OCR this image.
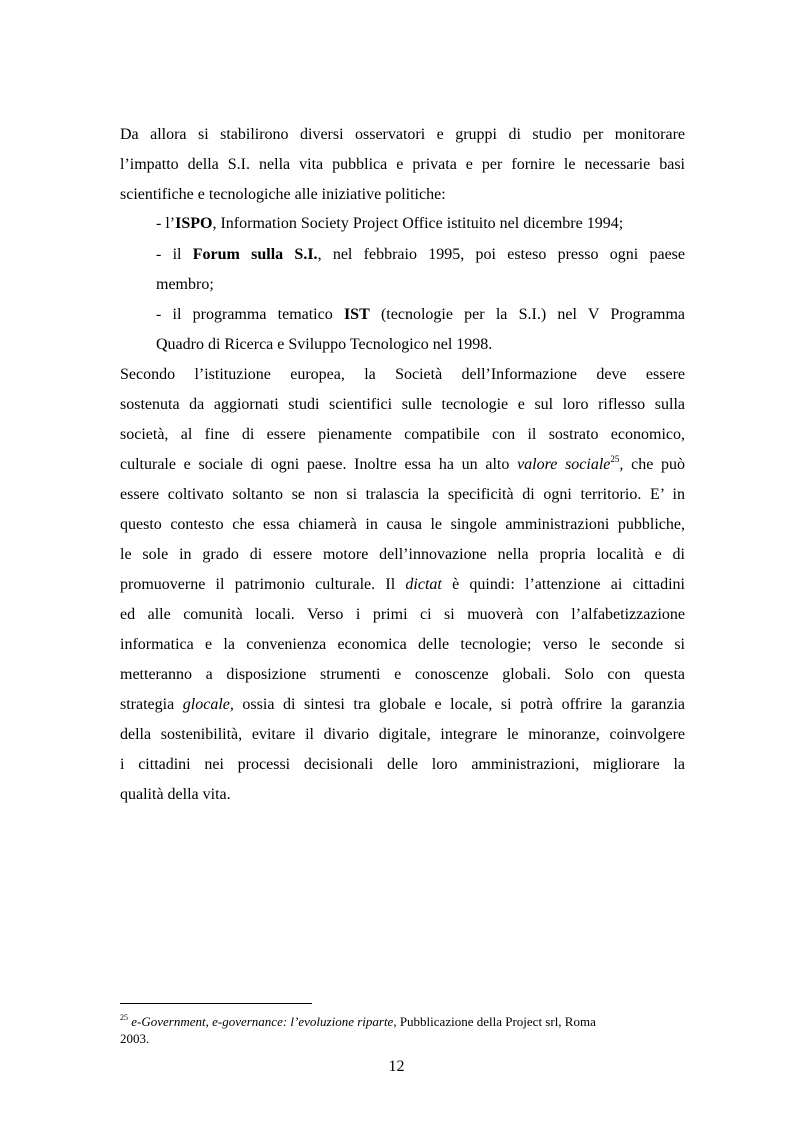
Da allora si stabilirono diversi osservatori e gruppi di studio per monitorare
l’impatto della S.I. nella vita pubblica e privata e per fornire le necessarie basi
scientifiche e tecnologiche alle iniziative politiche:
- l’ISPO, Information Society Project Office istituito nel dicembre 1994;
- il Forum sulla S.I., nel febbraio 1995, poi esteso presso ogni paese
membro;
- il programma tematico IST (tecnologie per la S.I.) nel V Programma
Quadro di Ricerca e Sviluppo Tecnologico nel 1998.
Secondo l’istituzione europea, la Società dell’Informazione deve essere
sostenuta da aggiornati studi scientifici sulle tecnologie e sul loro riflesso sulla
società, al fine di essere pienamente compatibile con il sostrato economico,
culturale e sociale di ogni paese. Inoltre essa ha un alto valore sociale$^{25}$, che può
essere coltivato soltanto se non si tralascia la specificità di ogni territorio. E’ in
questo contesto che essa chiamerà in causa le singole amministrazioni pubbliche,
le sole in grado di essere motore dell’innovazione nella propria località e di
promuoverne il patrimonio culturale. Il dictat è quindi: l’attenzione ai cittadini
ed alle comunità locali. Verso i primi ci si muoverà con l’alfabetizzazione
informatica e la convenienza economica delle tecnologie; verso le seconde si
metteranno a disposizione strumenti e conoscenze globali. Solo con questa
strategia glocale, ossia di sintesi tra globale e locale, si potrà offrire la garanzia
della sostenibilità, evitare il divario digitale, integrare le minoranze, coinvolgere
i cittadini nei processi decisionali delle loro amministrazioni, migliorare la
qualità della vita.
$^{25}$ e-Government, e-governance: l’evoluzione riparte, Pubblicazione della Project srl, Roma
2003.
12
